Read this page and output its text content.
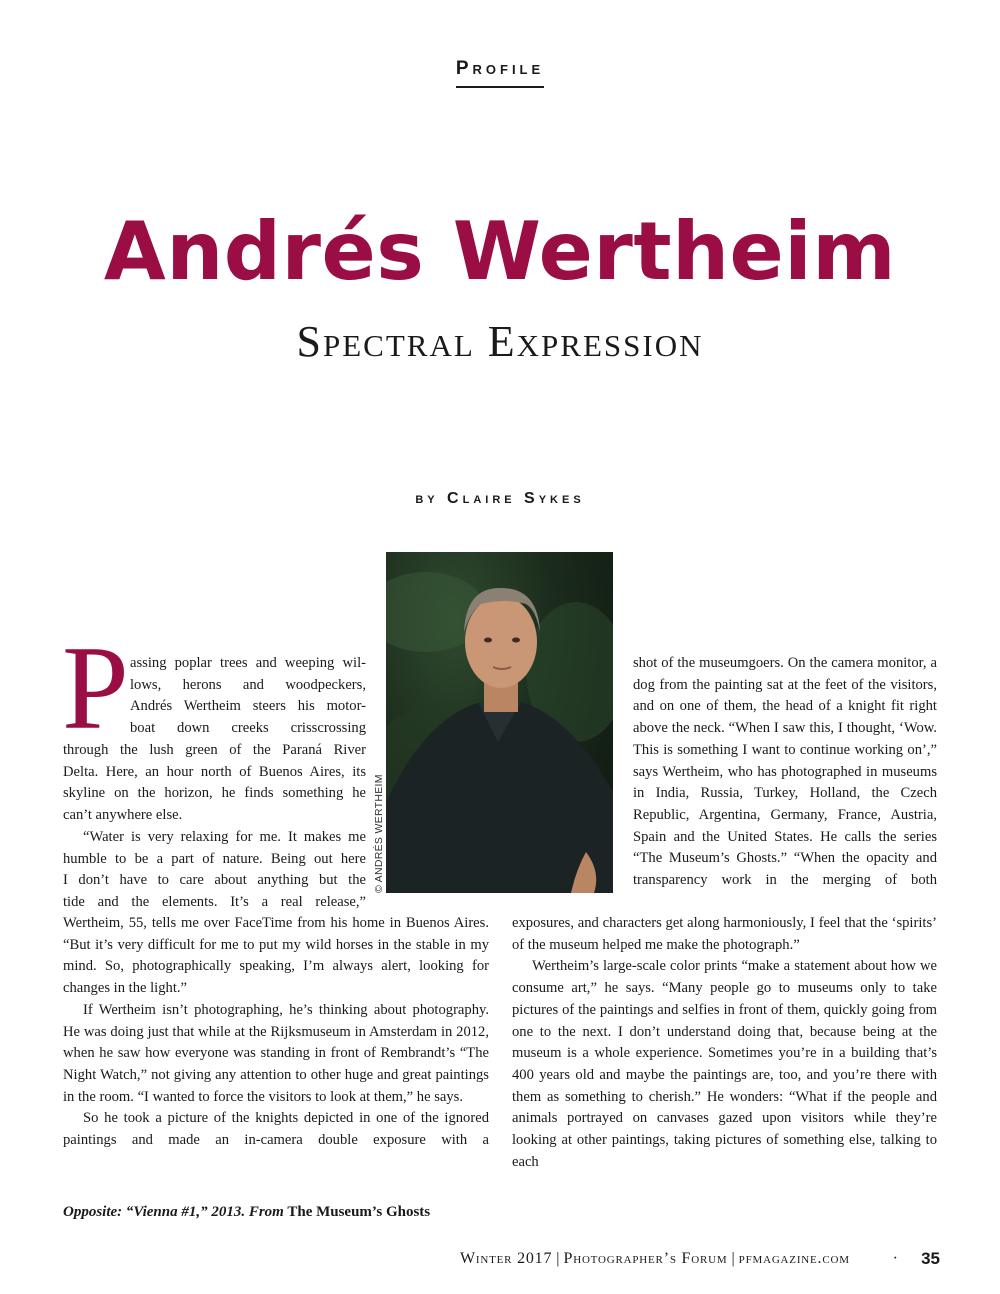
Profile
Andrés Wertheim
Spectral Expression
by Claire Sykes
© ANDRÉS WERTHEIM
P assing poplar trees and weeping wil-
lows, herons and woodpeckers,
Andrés Wertheim steers his motor-
boat down creeks crisscrossing
through the lush green of the Paraná River
Delta. Here, an hour north of Buenos Aires, its
skyline on the horizon, he finds something he
can’t anywhere else.
“Water is very relaxing for me. It makes me
humble to be a part of nature. Being out here
I don’t have to care about anything but the
tide and the elements. It’s a real release,”

Wertheim, 55, tells me over FaceTime from his home in Buenos Aires. “But it’s very difficult for me to put my wild horses in the stable in my mind. So, photographically speaking, I’m always alert, looking for changes in the light.”

If Wertheim isn’t photographing, he’s thinking about photography. He was doing just that while at the Rijksmuseum in Amsterdam in 2012, when he saw how everyone was standing in front of Rembrandt’s “The Night Watch,” not giving any attention to other huge and great paintings in the room. “I wanted to force the visitors to look at them,” he says.

So he took a picture of the knights depicted in one of the ignored paintings and made an in-camera double exposure with a

shot of the museumgoers. On the camera monitor, a dog from the painting sat at the feet of the visitors, and on one of them, the head of a knight fit right above the neck. “When I saw this, I thought, ‘Wow. This is something I want to continue working on’,” says Wertheim, who has photographed in museums in India, Russia, Turkey, Holland, the Czech Republic, Argentina, Germany, France, Austria, Spain and the United States. He calls the series “The Museum’s Ghosts.” “When the opacity and transparency work in the merging of both

exposures, and characters get along harmoniously, I feel that the ‘spirits’ of the museum helped me make the photograph.”

Wertheim’s large-scale color prints “make a statement about how we consume art,” he says. “Many people go to museums only to take pictures of the paintings and selfies in front of them, quickly going from one to the next. I don’t understand doing that, because being at the museum is a whole experience. Sometimes you’re in a building that’s 400 years old and maybe the paintings are, too, and you’re there with them as something to cherish.” He wonders: “What if the people and animals portrayed on canvases gazed upon visitors while they’re looking at other paintings, taking pictures of something else, talking to each

Opposite: “Vienna #1,” 2013. From The Museum’s Ghosts
Winter 2017 | Photographer’s Forum | pfmagazine.com	· 35
